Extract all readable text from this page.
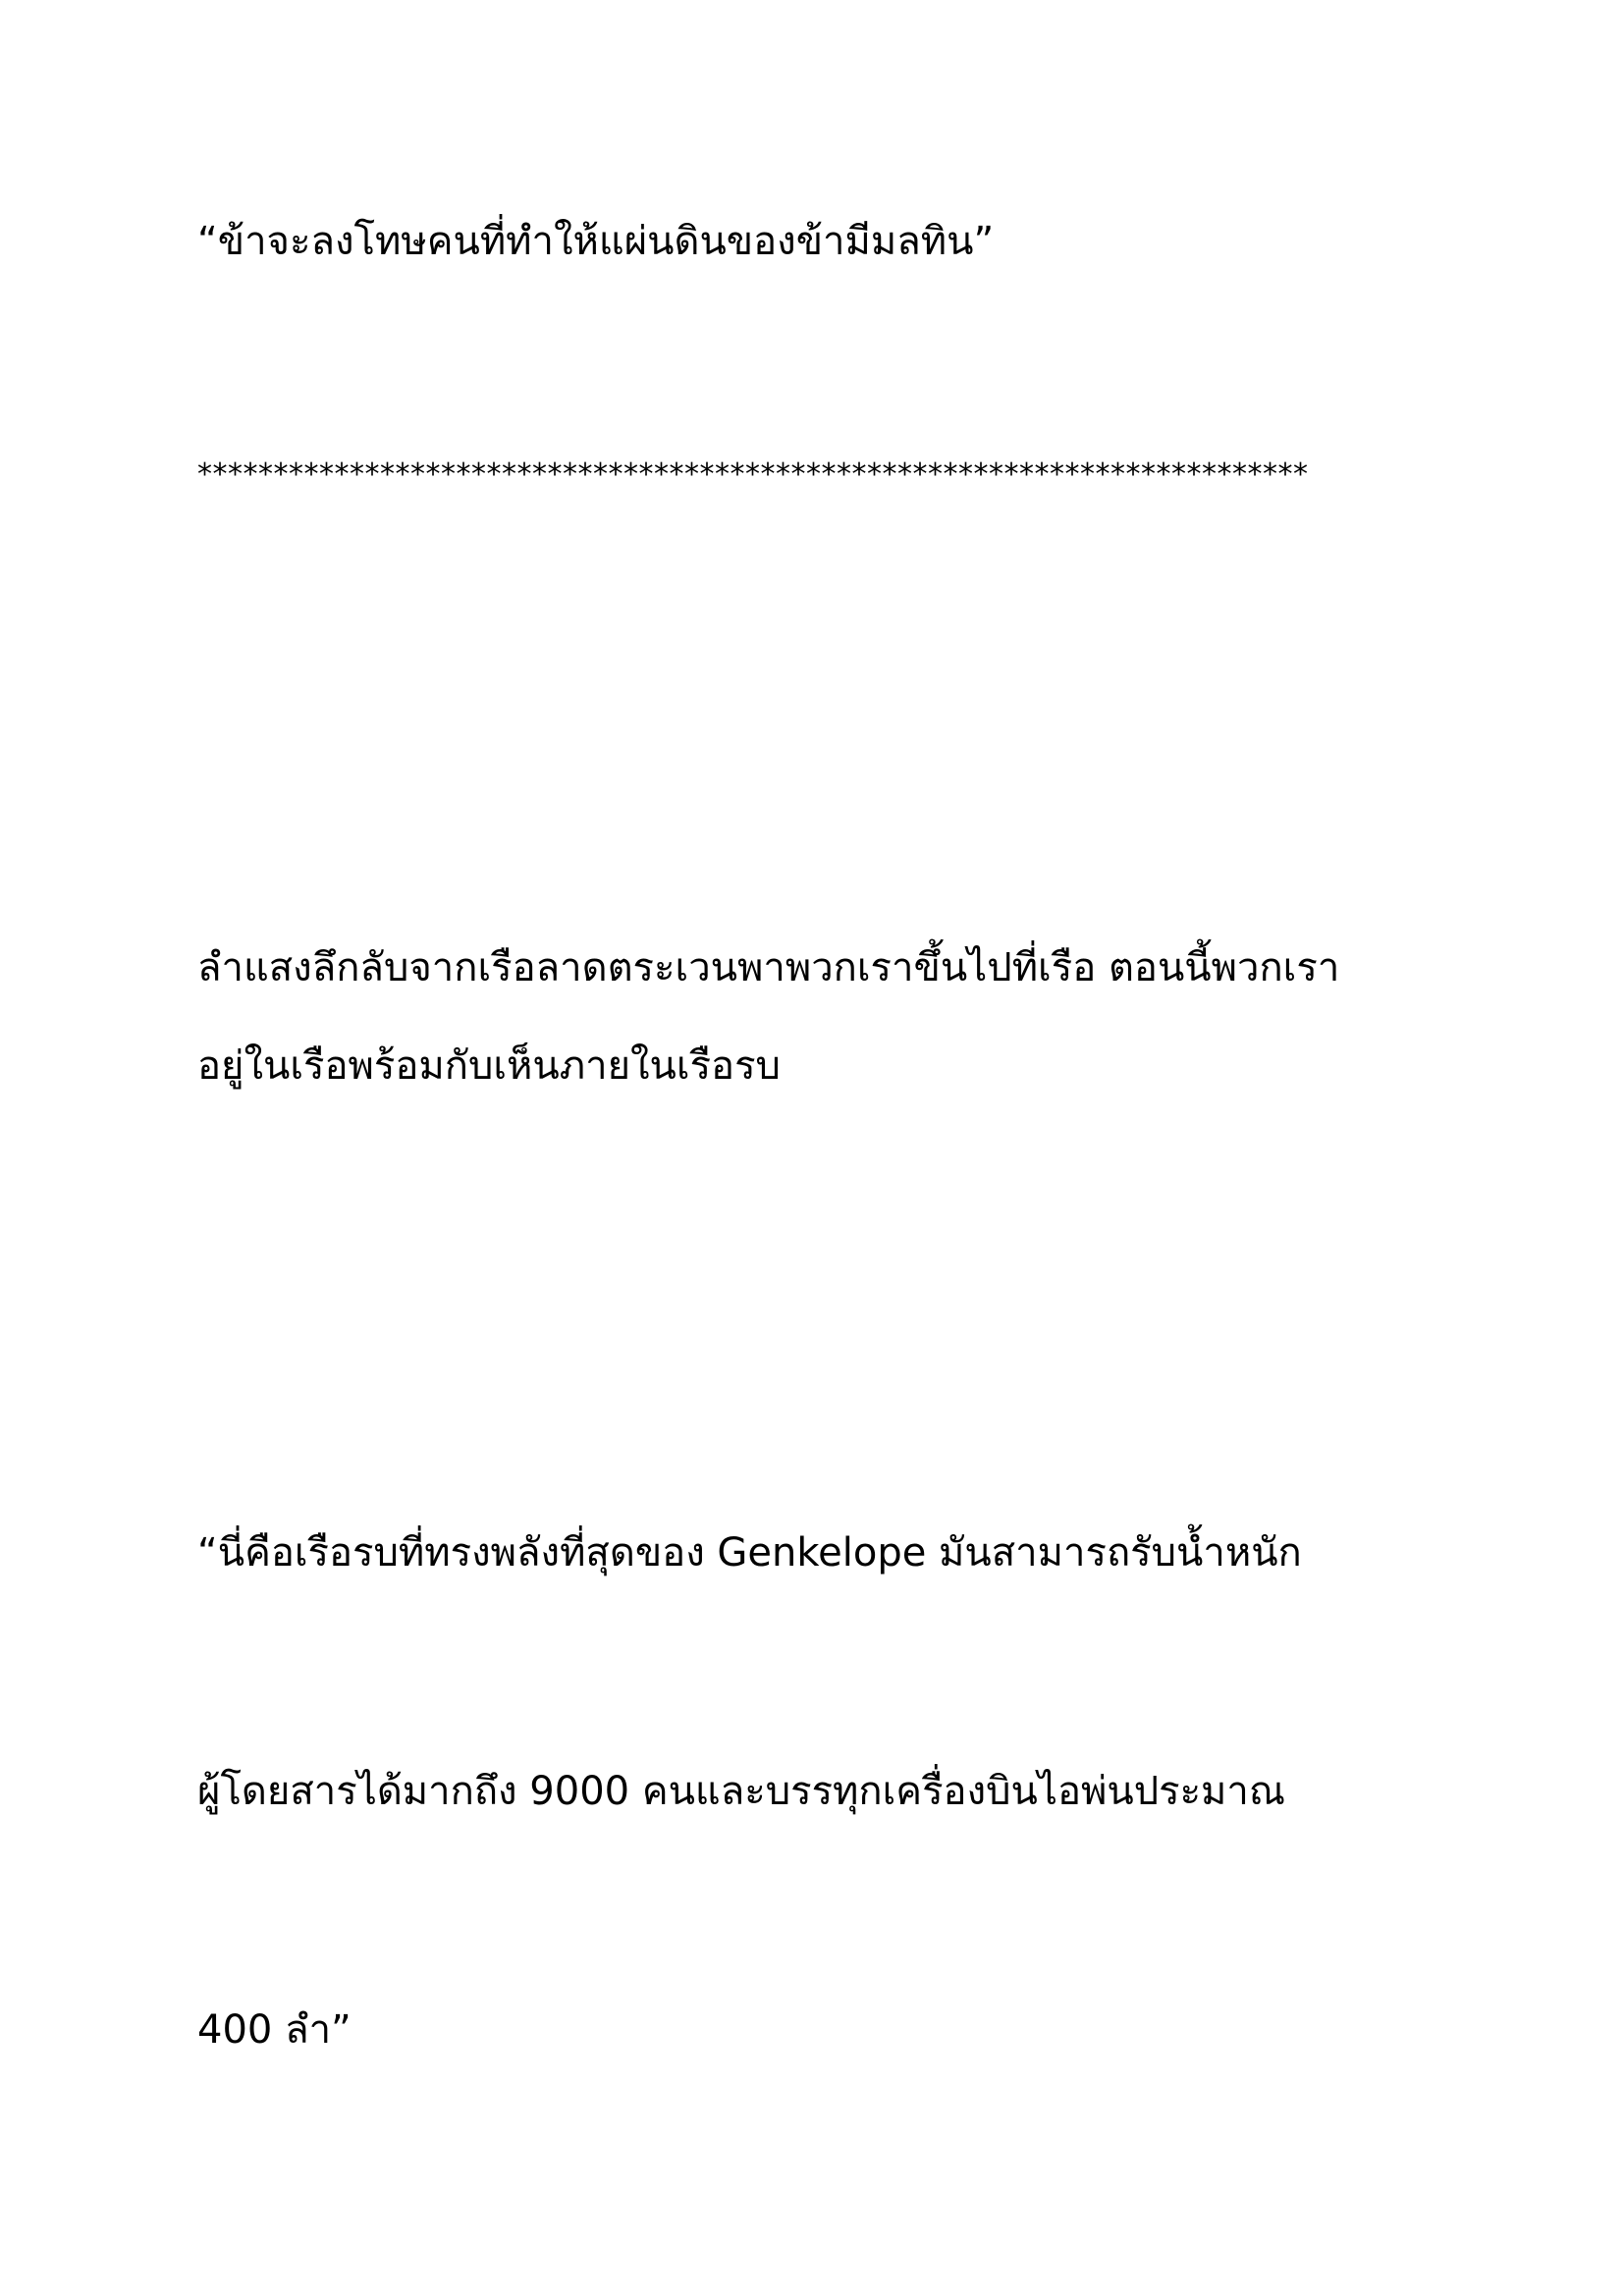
“ข้าจะลงโทษคนที่ทำให้แผ่นดินของข้ามีมลทิน”
*************************************************************************
ลำแสงลึกลับจากเรือลาดตระเวนพาพวกเราขึ้นไปที่เรือ ตอนนี้พวกเรา
อยู่ในเรือพร้อมกับเห็นภายในเรือรบ
“นี่คือเรือรบที่ทรงพลังที่สุดของ Genkelope มันสามารถรับน้ำหนัก
ผู้โดยสารได้มากถึง 9000 คนและบรรทุกเครื่องบินไอพ่นประมาณ
400 ลำ”
